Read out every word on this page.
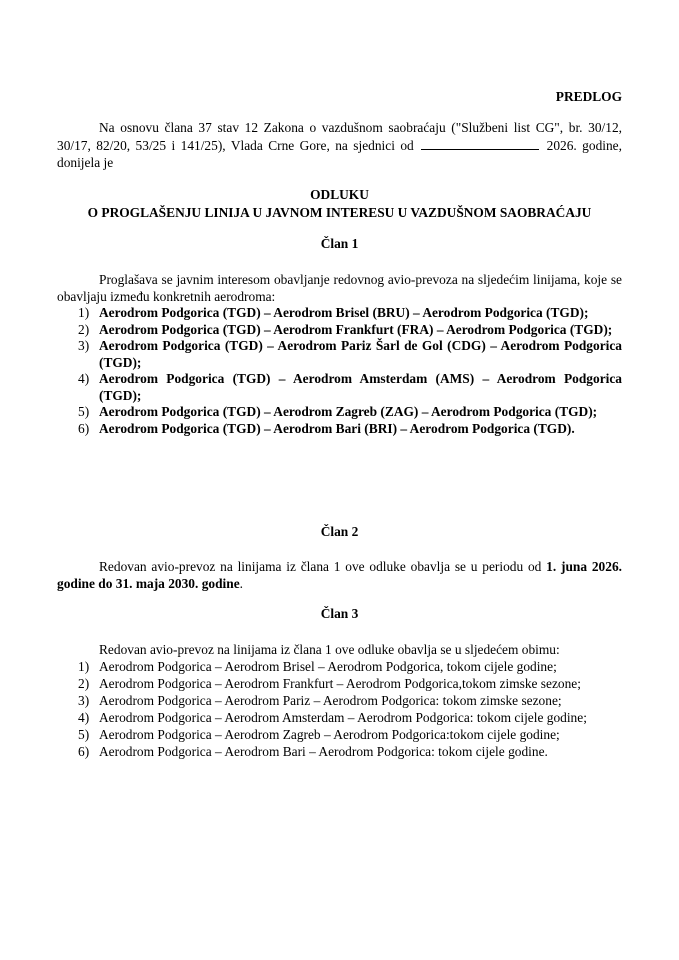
PREDLOG

Na osnovu člana 37 stav 12 Zakona o vazdušnom saobraćaju ("Službeni list CG", br. 30/12, 30/17, 82/20, 53/25 i 141/25), Vlada Crne Gore, na sjednici od	2026. godine, donijela je

ODLUKU
O PROGLAŠENJU LINIJA U JAVNOM INTERESU U VAZDUŠNOM SAOBRAĆAJU
Član 1

Proglašava se javnim interesom obavljanje redovnog avio-prevoza na sljedećim linijama, koje se obavljaju između konkretnih aerodroma:

1) Aerodrom Podgorica (TGD) – Aerodrom Brisel (BRU) – Aerodrom Podgorica (TGD);
2) Aerodrom Podgorica (TGD) – Aerodrom Frankfurt (FRA) – Aerodrom Podgorica (TGD);
3) Aerodrom Podgorica (TGD) – Aerodrom Pariz Šarl de Gol (CDG) – Aerodrom Podgorica (TGD);
4) Aerodrom Podgorica (TGD) – Aerodrom Amsterdam (AMS) – Aerodrom Podgorica (TGD);
5) Aerodrom Podgorica (TGD) – Aerodrom Zagreb (ZAG) – Aerodrom Podgorica (TGD);
6) Aerodrom Podgorica (TGD) – Aerodrom Bari (BRI) – Aerodrom Podgorica (TGD).
Član 2

Redovan avio-prevoz na linijama iz člana 1 ove odluke obavlja se u periodu od 1. juna 2026. godine do 31. maja 2030. godine.

Član 3

Redovan avio-prevoz na linijama iz člana 1 ove odluke obavlja se u sljedećem obimu:

1) Aerodrom Podgorica – Aerodrom Brisel – Aerodrom Podgorica, tokom cijele godine;
2) Aerodrom Podgorica – Aerodrom Frankfurt – Aerodrom Podgorica,tokom zimske sezone;
3) Aerodrom Podgorica – Aerodrom Pariz – Aerodrom Podgorica: tokom zimske sezone;
4) Aerodrom Podgorica – Aerodrom Amsterdam – Aerodrom Podgorica: tokom cijele godine;
5) Aerodrom Podgorica – Aerodrom Zagreb – Aerodrom Podgorica:tokom cijele godine;
6) Aerodrom Podgorica – Aerodrom Bari – Aerodrom Podgorica: tokom cijele godine.
